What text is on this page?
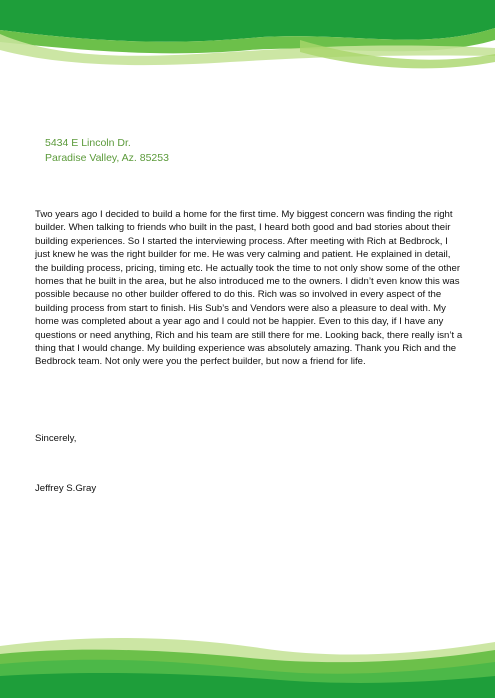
5434 E Lincoln Dr.
Paradise Valley, Az. 85253

Two years ago I decided to build a home for the first time. My biggest concern was finding the right builder. When talking to friends who built in the past, I heard both good and bad stories about their building experiences. So I started the interviewing process. After meeting with Rich at Bedbrock, I just knew he was the right builder for me. He was very calming and patient. He explained in detail, the building process, pricing, timing etc. He actually took the time to not only show some of the other homes that he built in the area, but he also introduced me to the owners. I didn’t even know this was possible because no other builder offered to do this. Rich was so involved in every aspect of the building process from start to finish. His Sub’s and Vendors were also a pleasure to deal with. My home was completed about a year ago and I could not be happier. Even to this day, if I have any questions or need anything, Rich and his team are still there for me. Looking back, there really isn’t a thing that I would change. My building experience was absolutely amazing. Thank you Rich and the Bedbrock team. Not only were you the perfect builder, but now a friend for life.

Sincerely,
Jeffrey S.Gray
